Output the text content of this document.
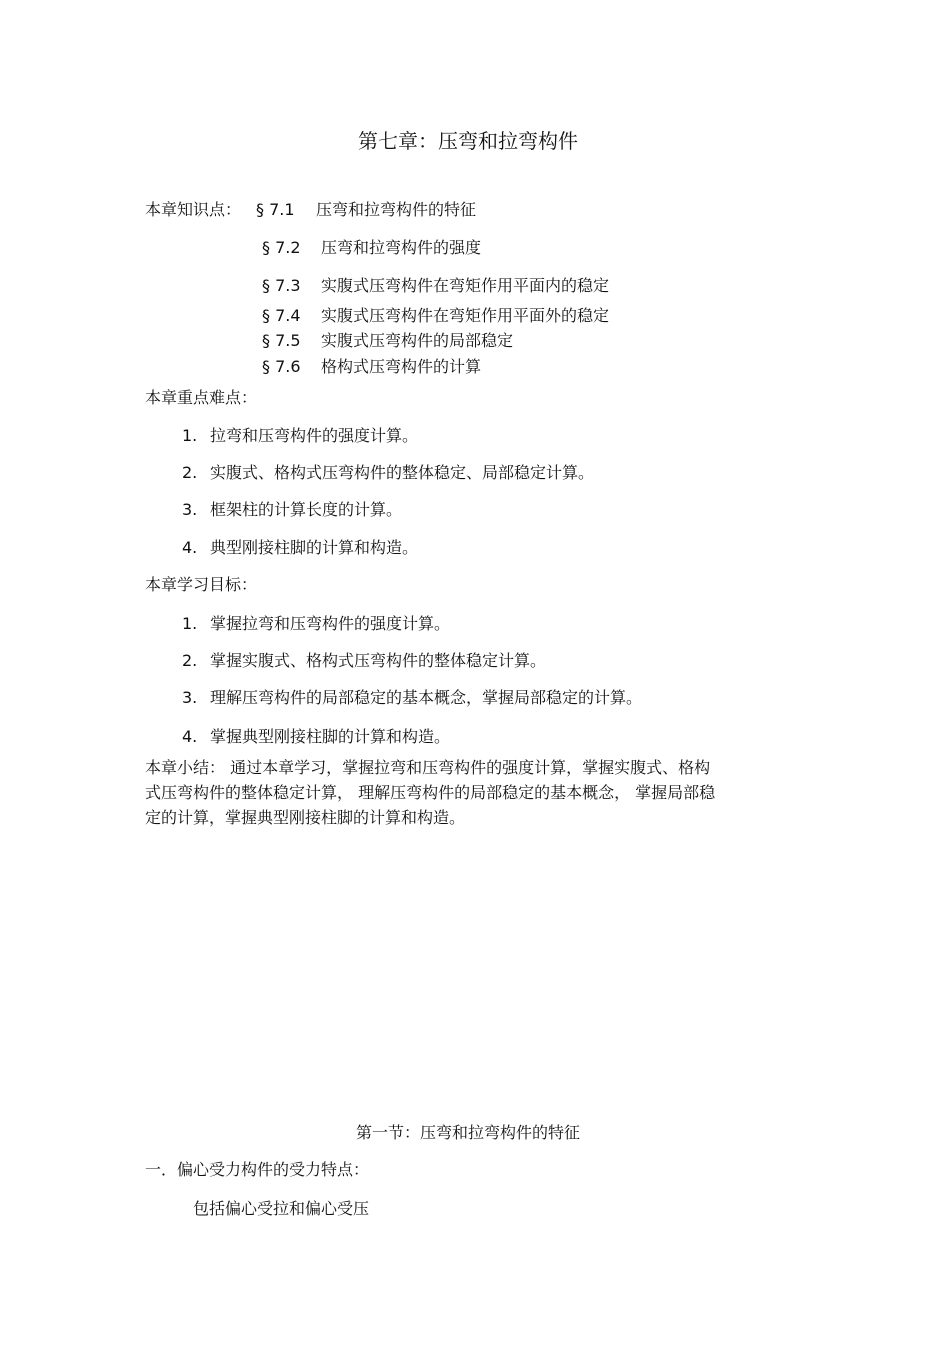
第七章：压弯和拉弯构件
本章知识点： § 7.1 压弯和拉弯构件的特征
§ 7.2 压弯和拉弯构件的强度
§ 7.3 实腹式压弯构件在弯矩作用平面内的稳定
§ 7.4 实腹式压弯构件在弯矩作用平面外的稳定
§ 7.5 实腹式压弯构件的局部稳定
§ 7.6 格构式压弯构件的计算
本章重点难点：
1. 拉弯和压弯构件的强度计算。
2. 实腹式、格构式压弯构件的整体稳定、局部稳定计算。
3. 框架柱的计算长度的计算。
4. 典型刚接柱脚的计算和构造。
本章学习目标：
1. 掌握拉弯和压弯构件的强度计算。
2. 掌握实腹式、格构式压弯构件的整体稳定计算。
3. 理解压弯构件的局部稳定的基本概念，掌握局部稳定的计算。
4. 掌握典型刚接柱脚的计算和构造。
本章小结： 通过本章学习，掌握拉弯和压弯构件的强度计算，掌握实腹式、格构
式压弯构件的整体稳定计算， 理解压弯构件的局部稳定的基本概念， 掌握局部稳
定的计算，掌握典型刚接柱脚的计算和构造。
第一节：压弯和拉弯构件的特征
一．偏心受力构件的受力特点：
包括偏心受拉和偏心受压
